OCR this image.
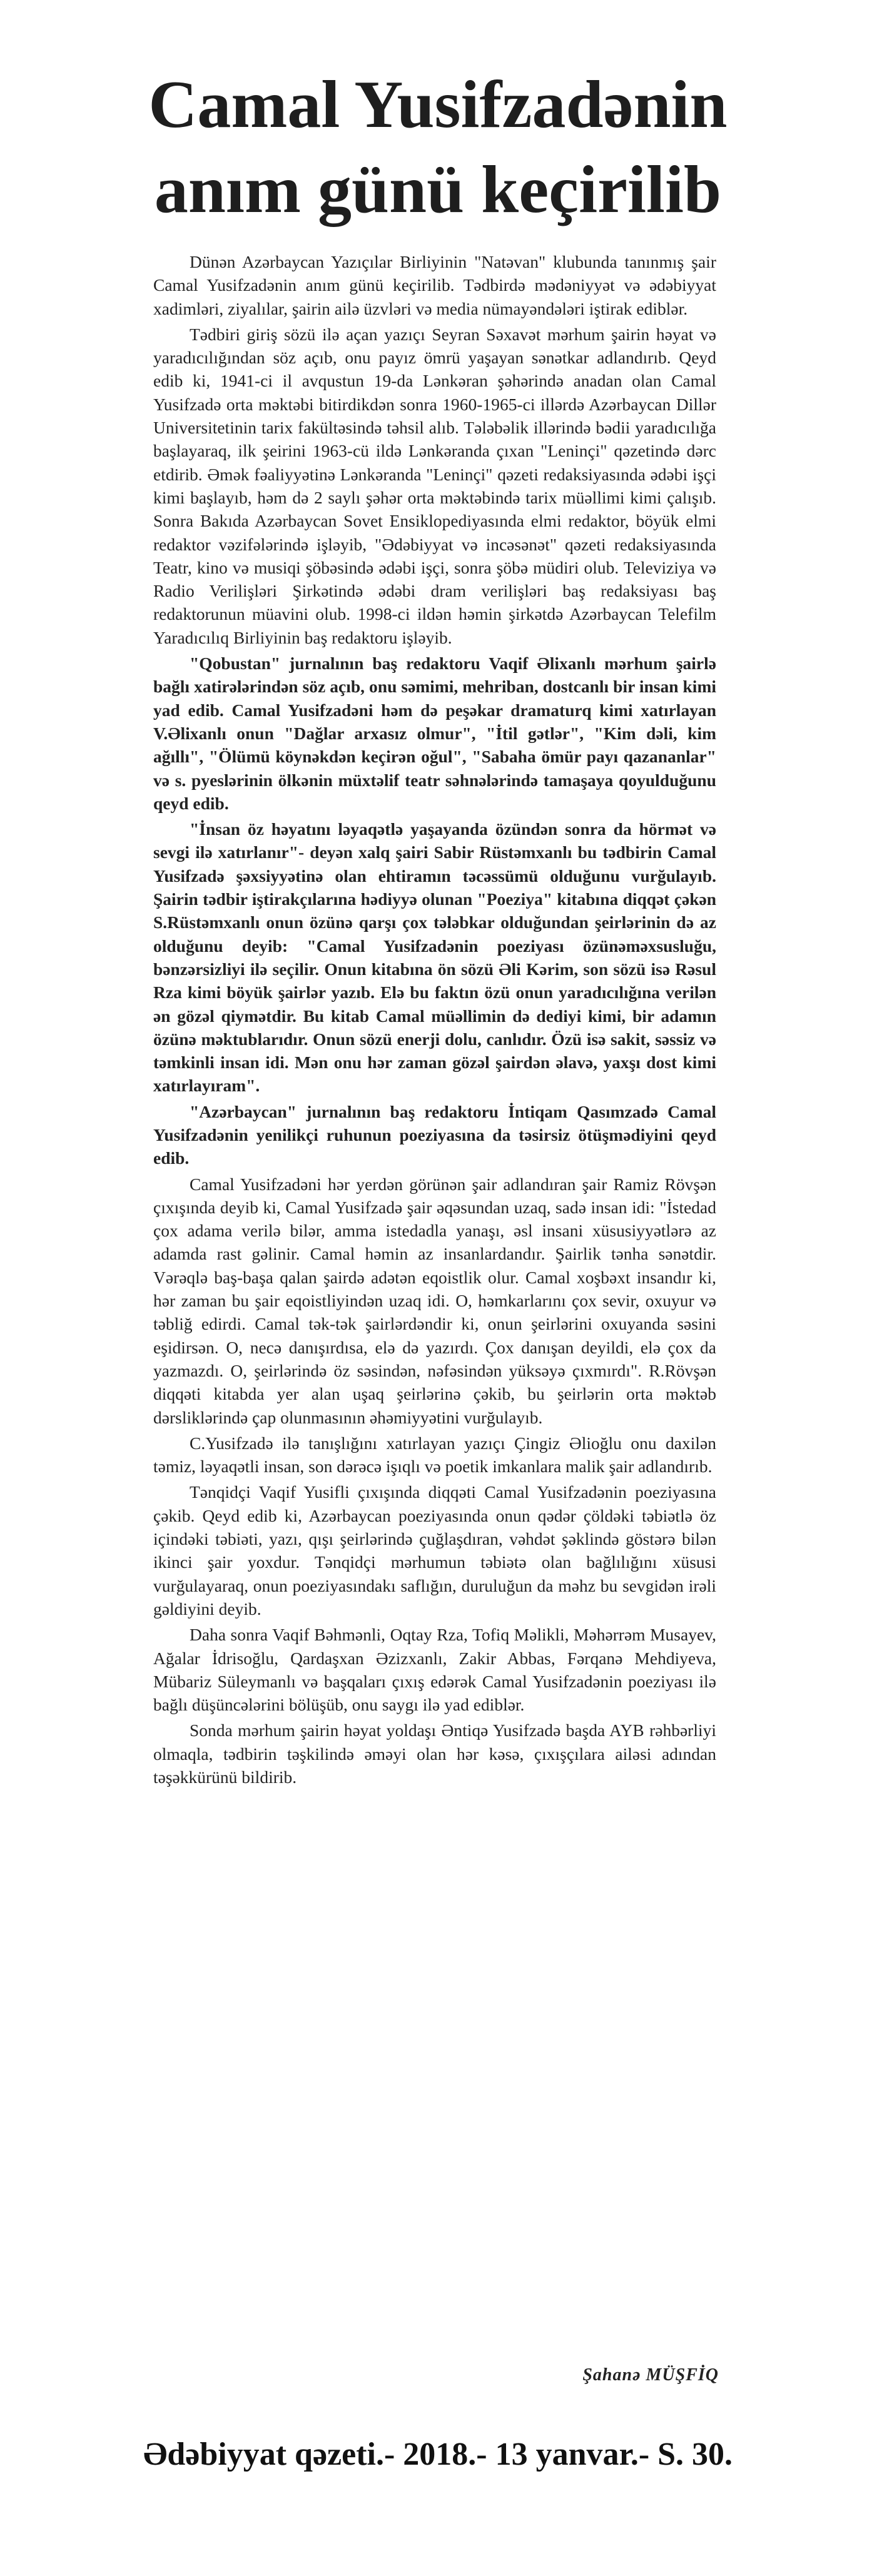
Camal Yusifzadənin anım günü keçirilib

Dünən Azərbaycan Yazıçılar Birliyinin "Natəvan" klubunda tanınmış şair Camal Yusifzadənin anım günü keçirilib. Tədbirdə mədəniyyət və ədəbiyyat xadimləri, ziyalılar, şairin ailə üzvləri və media nümayəndələri iştirak ediblər.

Tədbiri giriş sözü ilə açan yazıçı Seyran Səxavət mərhum şairin həyat və yaradıcılığından söz açıb, onu payız ömrü yaşayan sənətkar adlandırıb. Qeyd edib ki, 1941-ci il avqustun 19-da Lənkəran şəhərində anadan olan Camal Yusifzadə orta məktəbi bitirdikdən sonra 1960-1965-ci illərdə Azərbaycan Dillər Universitetinin tarix fakültəsində təhsil alıb. Tələbəlik illərində bədii yaradıcılığa başlayaraq, ilk şeirini 1963-cü ildə Lənkəranda çıxan "Leninçi" qəzetində dərc etdirib. Əmək fəaliyyətinə Lənkəranda "Leninçi" qəzeti redaksiyasında ədəbi işçi kimi başlayıb, həm də 2 saylı şəhər orta məktəbində tarix müəllimi kimi çalışıb. Sonra Bakıda Azərbaycan Sovet Ensiklopediyasında elmi redaktor, böyük elmi redaktor vəzifələrində işləyib, "Ədəbiyyat və incəsənət" qəzeti redaksiyasında Teatr, kino və musiqi şöbəsində ədəbi işçi, sonra şöbə müdiri olub. Televiziya və Radio Verilişləri Şirkətində ədəbi dram verilişləri baş redaksiyası baş redaktorunun müavini olub. 1998-ci ildən həmin şirkətdə Azərbaycan Telefilm Yaradıcılıq Birliyinin baş redaktoru işləyib.

"Qobustan" jurnalının baş redaktoru Vaqif Əlixanlı mərhum şairlə bağlı xatirələrindən söz açıb, onu səmimi, mehriban, dostcanlı bir insan kimi yad edib. Camal Yusifzadəni həm də peşəkar dramaturq kimi xatırlayan V.Əlixanlı onun "Dağlar arxasız olmur", "İtil gətlər", "Kim dəli, kim ağıllı", "Ölümü köynəkdən keçirən oğul", "Sabaha ömür payı qazananlar" və s. pyeslərinin ölkənin müxtəlif teatr səhnələrində tamaşaya qoyulduğunu qeyd edib.

"İnsan öz həyatını ləyaqətlə yaşayanda özündən sonra da hörmət və sevgi ilə xatırlanır"- deyən xalq şairi Sabir Rüstəmxanlı bu tədbirin Camal Yusifzadə şəxsiyyətinə olan ehtiramın təcəssümü olduğunu vurğulayıb. Şairin tədbir iştirakçılarına hədiyyə olunan "Poeziya" kitabına diqqət çəkən S.Rüstəmxanlı onun özünə qarşı çox tələbkar olduğundan şeirlərinin də az olduğunu deyib: "Camal Yusifzadənin poeziyası özünəməxsusluğu, bənzərsizliyi ilə seçilir. Onun kitabına ön sözü Əli Kərim, son sözü isə Rəsul Rza kimi böyük şairlər yazıb. Elə bu faktın özü onun yaradıcılığına verilən ən gözəl qiymətdir. Bu kitab Camal müəllimin də dediyi kimi, bir adamın özünə məktublarıdır. Onun sözü enerji dolu, canlıdır. Özü isə sakit, səssiz və təmkinli insan idi. Mən onu hər zaman gözəl şairdən əlavə, yaxşı dost kimi xatırlayıram".

"Azərbaycan" jurnalının baş redaktoru İntiqam Qasımzadə Camal Yusifzadənin yenilikçi ruhunun poeziyasına da təsirsiz ötüşmədiyini qeyd edib.

Camal Yusifzadəni hər yerdən görünən şair adlandıran şair Ramiz Rövşən çıxışında deyib ki, Camal Yusifzadə şair əqəsundan uzaq, sadə insan idi: "İstedad çox adama verilə bilər, amma istedadla yanaşı, əsl insani xüsusiyyətlərə az adamda rast gəlinir. Camal həmin az insanlardandır. Şairlik tənha sənətdir. Vərəqlə baş-başa qalan şairdə adətən eqoistlik olur. Camal xoşbəxt insandır ki, hər zaman bu şair eqoistliyindən uzaq idi. O, həmkarlarını çox sevir, oxuyur və təbliğ edirdi. Camal tək-tək şairlərdəndir ki, onun şeirlərini oxuyanda səsini eşidirsən. O, necə danışırdısa, elə də yazırdı. Çox danışan deyildi, elə çox da yazmazdı. O, şeirlərində öz səsindən, nəfəsindən yüksəyə çıxmırdı". R.Rövşən diqqəti kitabda yer alan uşaq şeirlərinə çəkib, bu şeirlərin orta məktəb dərsliklərində çap olunmasının əhəmiyyətini vurğulayıb.

C.Yusifzadə ilə tanışlığını xatırlayan yazıçı Çingiz Əlioğlu onu daxilən təmiz, ləyaqətli insan, son dərəcə işıqlı və poetik imkanlara malik şair adlandırıb.

Tənqidçi Vaqif Yusifli çıxışında diqqəti Camal Yusifzadənin poeziyasına çəkib. Qeyd edib ki, Azərbaycan poeziyasında onun qədər çöldəki təbiətlə öz içindəki təbiəti, yazı, qışı şeirlərində çuğlaşdıran, vəhdət şəklində göstərə bilən ikinci şair yoxdur. Tənqidçi mərhumun təbiətə olan bağlılığını xüsusi vurğulayaraq, onun poeziyasındakı saflığın, duruluğun da məhz bu sevgidən irəli gəldiyini deyib.

Daha sonra Vaqif Bəhmənli, Oqtay Rza, Tofiq Məlikli, Məhərrəm Musayev, Ağalar İdrisoğlu, Qardaşxan Əzizxanlı, Zakir Abbas, Fərqanə Mehdiyeva, Mübariz Süleymanlı və başqaları çıxış edərək Camal Yusifzadənin poeziyası ilə bağlı düşüncələrini bölüşüb, onu saygı ilə yad ediblər.

Sonda mərhum şairin həyat yoldaşı Əntiqə Yusifzadə başda AYB rəhbərliyi olmaqla, tədbirin təşkilində əməyi olan hər kəsə, çıxışçılara ailəsi adından təşəkkürünü bildirib.

Şahanə MÜŞFİQ
Ədəbiyyat qəzeti.- 2018.- 13 yanvar.- S. 30.
